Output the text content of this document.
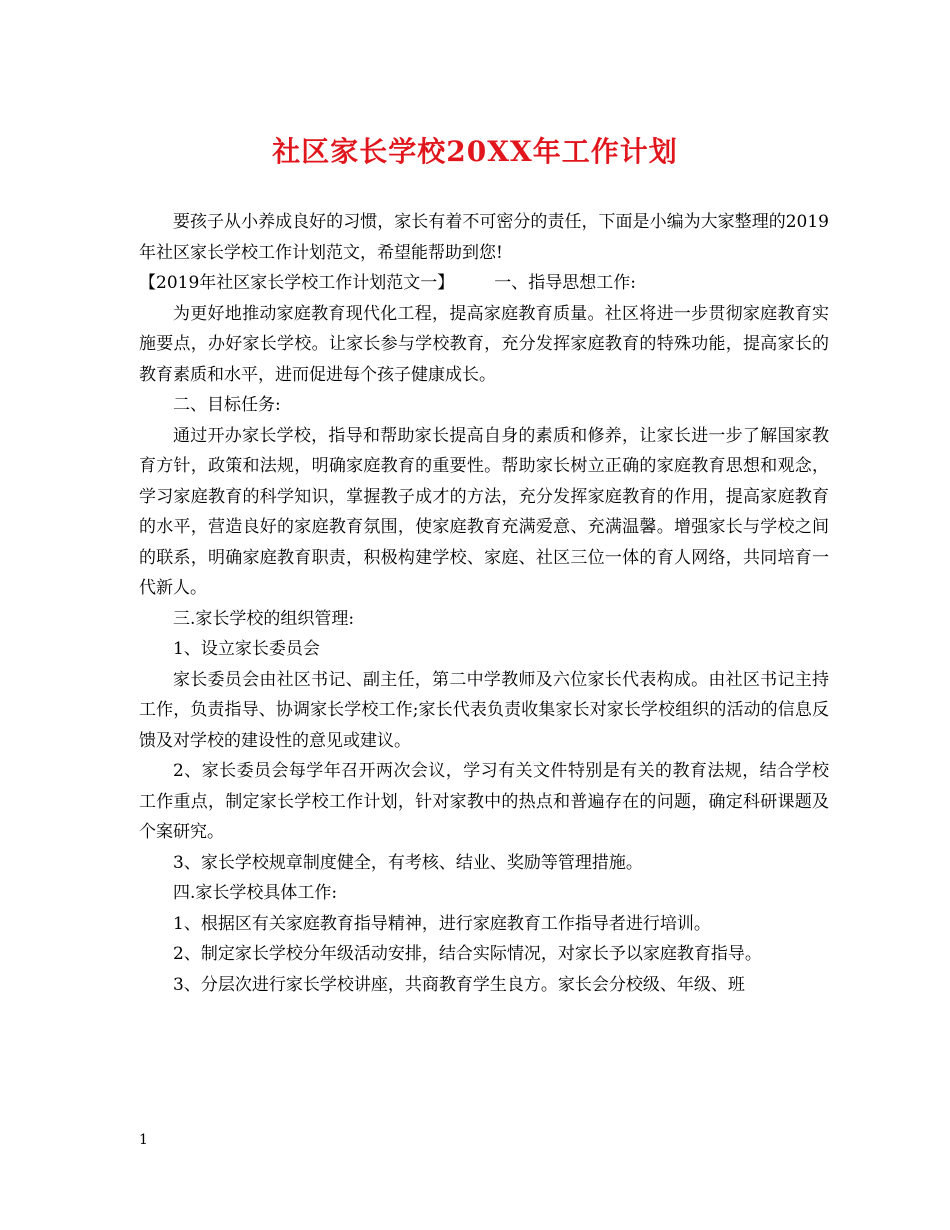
社区家长学校20XX年工作计划

要孩子从小养成良好的习惯，家长有着不可密分的责任，下面是小编为大家整理的2019年社区家长学校工作计划范文，希望能帮助到您!

【2019年社区家长学校工作计划范文一】 一、指导思想工作:

为更好地推动家庭教育现代化工程，提高家庭教育质量。社区将进一步贯彻家庭教育实施要点，办好家长学校。让家长参与学校教育，充分发挥家庭教育的特殊功能，提高家长的教育素质和水平，进而促进每个孩子健康成长。

二、目标任务:

通过开办家长学校，指导和帮助家长提高自身的素质和修养，让家长进一步了解国家教育方针，政策和法规，明确家庭教育的重要性。帮助家长树立正确的家庭教育思想和观念，学习家庭教育的科学知识，掌握教子成才的方法，充分发挥家庭教育的作用，提高家庭教育的水平，营造良好的家庭教育氛围，使家庭教育充满爱意、充满温馨。增强家长与学校之间的联系，明确家庭教育职责，积极构建学校、家庭、社区三位一体的育人网络，共同培育一代新人。

三.家长学校的组织管理:

1、设立家长委员会

家长委员会由社区书记、副主任，第二中学教师及六位家长代表构成。由社区书记主持工作，负责指导、协调家长学校工作;家长代表负责收集家长对家长学校组织的活动的信息反馈及对学校的建设性的意见或建议。

2、家长委员会每学年召开两次会议，学习有关文件特别是有关的教育法规，结合学校工作重点，制定家长学校工作计划，针对家教中的热点和普遍存在的问题，确定科研课题及个案研究。

3、家长学校规章制度健全，有考核、结业、奖励等管理措施。

四.家长学校具体工作:

1、根据区有关家庭教育指导精神，进行家庭教育工作指导者进行培训。

2、制定家长学校分年级活动安排，结合实际情况，对家长予以家庭教育指导。

3、分层次进行家长学校讲座，共商教育学生良方。家长会分校级、年级、班

1
